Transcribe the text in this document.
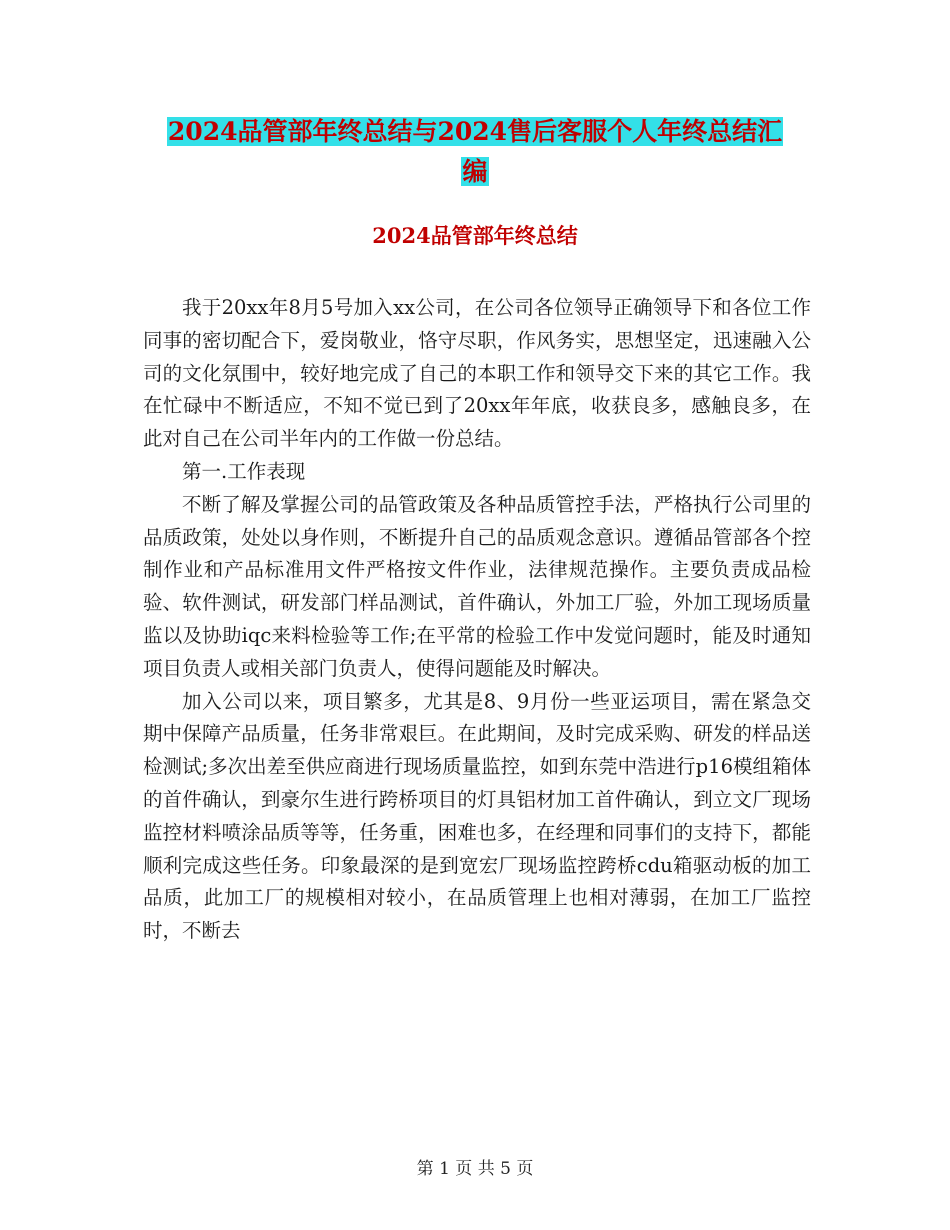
2024品管部年终总结与2024售后客服个人年终总结汇
编
2024品管部年终总结

我于20xx年8月5号加入xx公司，在公司各位领导正确领导下和各位工作同事的密切配合下，爱岗敬业，恪守尽职，作风务实，思想坚定，迅速融入公司的文化氛围中，较好地完成了自己的本职工作和领导交下来的其它工作。我在忙碌中不断适应，不知不觉已到了20xx年年底，收获良多，感触良多，在此对自己在公司半年内的工作做一份总结。

第一.工作表现

不断了解及掌握公司的品管政策及各种品质管控手法，严格执行公司里的品质政策，处处以身作则，不断提升自己的品质观念意识。遵循品管部各个控制作业和产品标准用文件严格按文件作业，法律规范操作。主要负责成品检验、软件测试，研发部门样品测试，首件确认，外加工厂验，外加工现场质量监以及协助iqc来料检验等工作;在平常的检验工作中发觉问题时，能及时通知项目负责人或相关部门负责人，使得问题能及时解决。

加入公司以来，项目繁多，尤其是8、9月份一些亚运项目，需在紧急交期中保障产品质量，任务非常艰巨。在此期间，及时完成采购、研发的样品送检测试;多次出差至供应商进行现场质量监控，如到东莞中浩进行p16模组箱体的首件确认，到豪尔生进行跨桥项目的灯具铝材加工首件确认，到立文厂现场监控材料喷涂品质等等，任务重，困难也多，在经理和同事们的支持下，都能顺利完成这些任务。印象最深的是到宽宏厂现场监控跨桥cdu箱驱动板的加工品质，此加工厂的规模相对较小，在品质管理上也相对薄弱，在加工厂监控时，不断去

第 1 页 共 5 页
